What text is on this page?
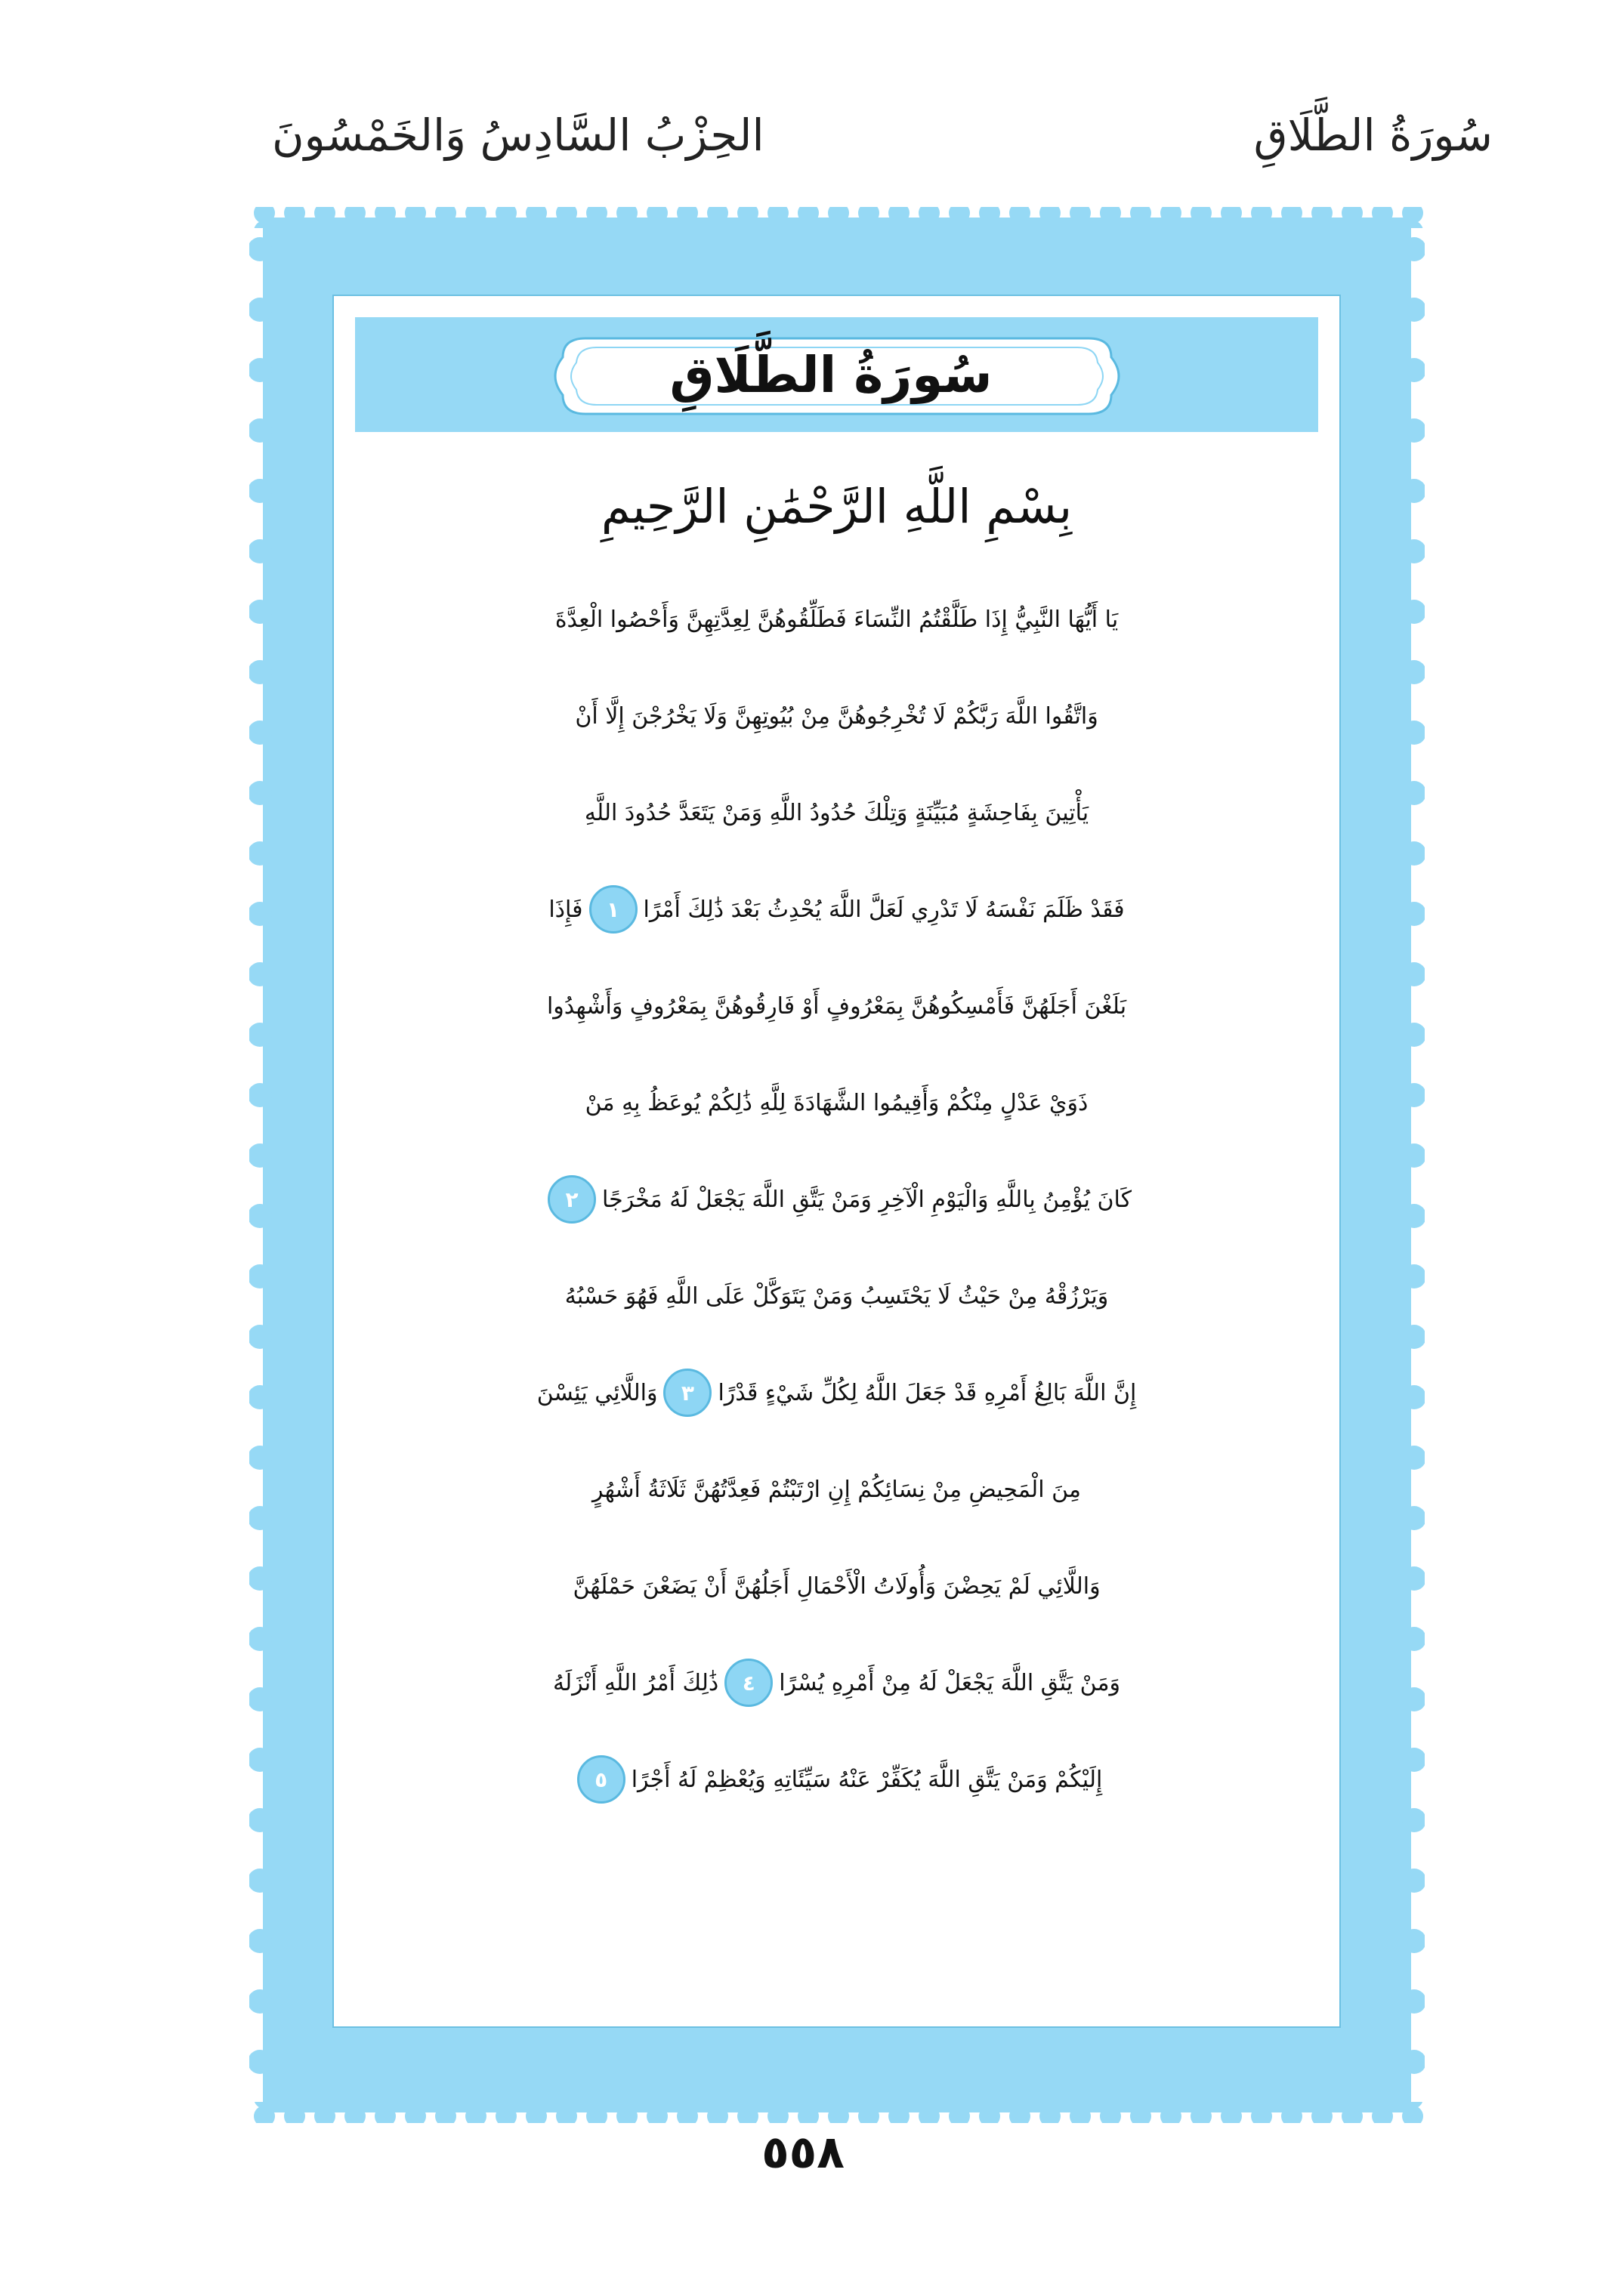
سُورَةُ الطَّلَاقِ
الحِزْبُ السَّادِسُ وَالخَمْسُونَ
سُورَةُ الطَّلَاقِ
بِسْمِ اللَّهِ الرَّحْمَٰنِ الرَّحِيمِ
يَا أَيُّهَا النَّبِيُّ إِذَا طَلَّقْتُمُ النِّسَاءَ فَطَلِّقُوهُنَّ لِعِدَّتِهِنَّ وَأَحْصُوا الْعِدَّةَ
وَاتَّقُوا اللَّهَ رَبَّكُمْ لَا تُخْرِجُوهُنَّ مِنْ بُيُوتِهِنَّ وَلَا يَخْرُجْنَ إِلَّا أَنْ
يَأْتِينَ بِفَاحِشَةٍ مُبَيِّنَةٍ وَتِلْكَ حُدُودُ اللَّهِ وَمَنْ يَتَعَدَّ حُدُودَ اللَّهِ
فَقَدْ ظَلَمَ نَفْسَهُ لَا تَدْرِي لَعَلَّ اللَّهَ يُحْدِثُ بَعْدَ ذَٰلِكَ أَمْرًا
١
فَإِذَا
بَلَغْنَ أَجَلَهُنَّ فَأَمْسِكُوهُنَّ بِمَعْرُوفٍ أَوْ فَارِقُوهُنَّ بِمَعْرُوفٍ وَأَشْهِدُوا
ذَوَيْ عَدْلٍ مِنْكُمْ وَأَقِيمُوا الشَّهَادَةَ لِلَّهِ ذَٰلِكُمْ يُوعَظُ بِهِ مَنْ
كَانَ يُؤْمِنُ بِاللَّهِ وَالْيَوْمِ الْآخِرِ وَمَنْ يَتَّقِ اللَّهَ يَجْعَلْ لَهُ مَخْرَجًا
٢
وَيَرْزُقْهُ مِنْ حَيْثُ لَا يَحْتَسِبُ وَمَنْ يَتَوَكَّلْ عَلَى اللَّهِ فَهُوَ حَسْبُهُ
إِنَّ اللَّهَ بَالِغُ أَمْرِهِ قَدْ جَعَلَ اللَّهُ لِكُلِّ شَيْءٍ قَدْرًا
٣
وَاللَّائِي يَئِسْنَ
مِنَ الْمَحِيضِ مِنْ نِسَائِكُمْ إِنِ ارْتَبْتُمْ فَعِدَّتُهُنَّ ثَلَاثَةُ أَشْهُرٍ
وَاللَّائِي لَمْ يَحِضْنَ وَأُولَاتُ الْأَحْمَالِ أَجَلُهُنَّ أَنْ يَضَعْنَ حَمْلَهُنَّ
وَمَنْ يَتَّقِ اللَّهَ يَجْعَلْ لَهُ مِنْ أَمْرِهِ يُسْرًا
٤
ذَٰلِكَ أَمْرُ اللَّهِ أَنْزَلَهُ
إِلَيْكُمْ وَمَنْ يَتَّقِ اللَّهَ يُكَفِّرْ عَنْهُ سَيِّئَاتِهِ وَيُعْظِمْ لَهُ أَجْرًا
٥
٥٥٨
